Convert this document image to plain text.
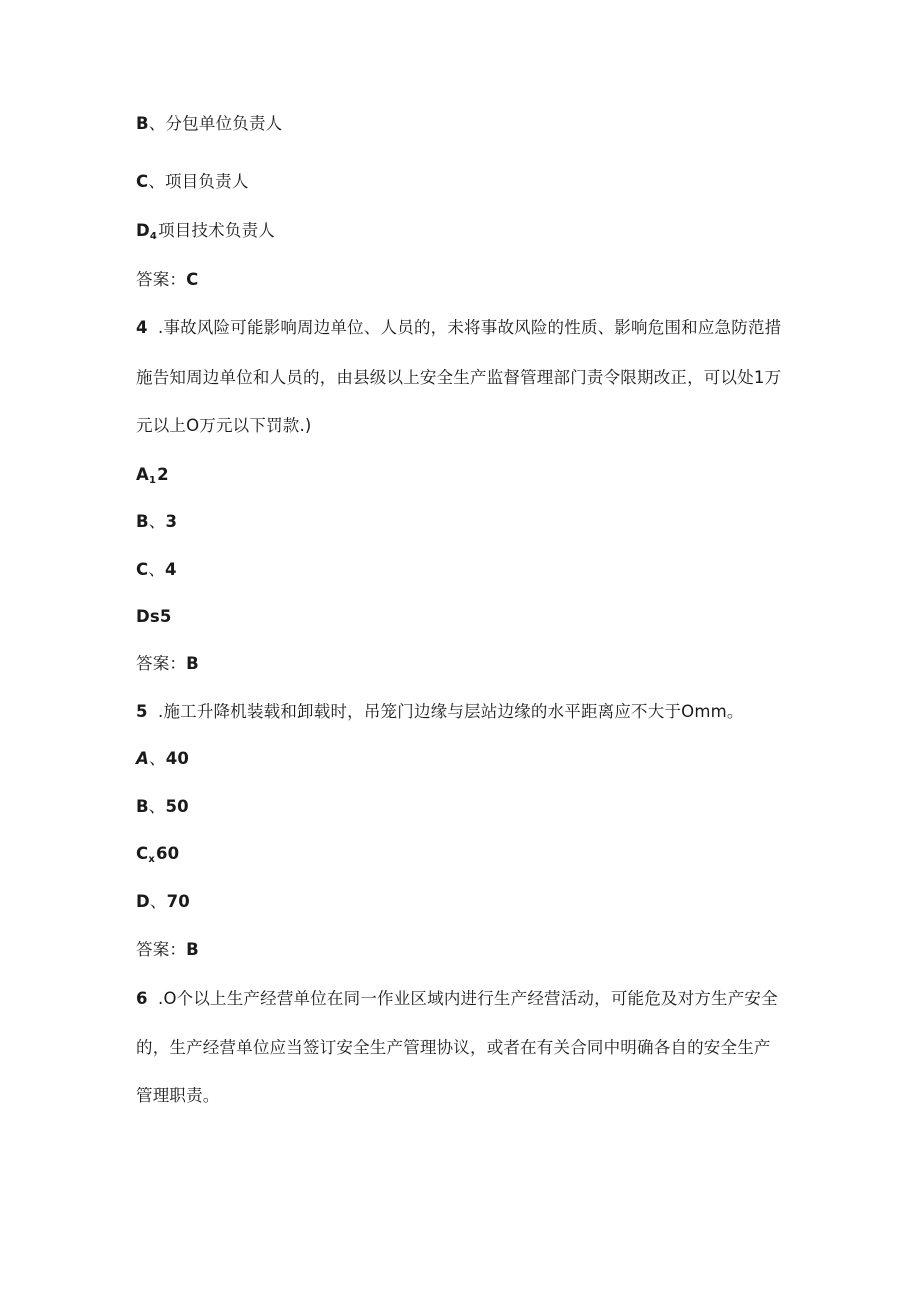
B、分包单位负责人
C、项目负责人
D4项目技术负责人
答案：C
4 .事故风险可能影响周边单位、人员的，未将事故风险的性质、影响危围和应急防范措
施告知周边单位和人员的，由县级以上安全生产监督管理部门责令限期改正，可以处1万
元以上O万元以下罚款.)
A12
B、3
C、4
Ds5
答案：B
5 .施工升降机装载和卸载时，吊笼门边缘与层站边缘的水平距离应不大于Omm。
A、40
B、50
Cx60
D、70
答案：B
6 .O个以上生产经营单位在同一作业区域内进行生产经营活动，可能危及对方生产安全
的，生产经营单位应当签订安全生产管理协议，或者在有关合同中明确各自的安全生产
管理职责。
